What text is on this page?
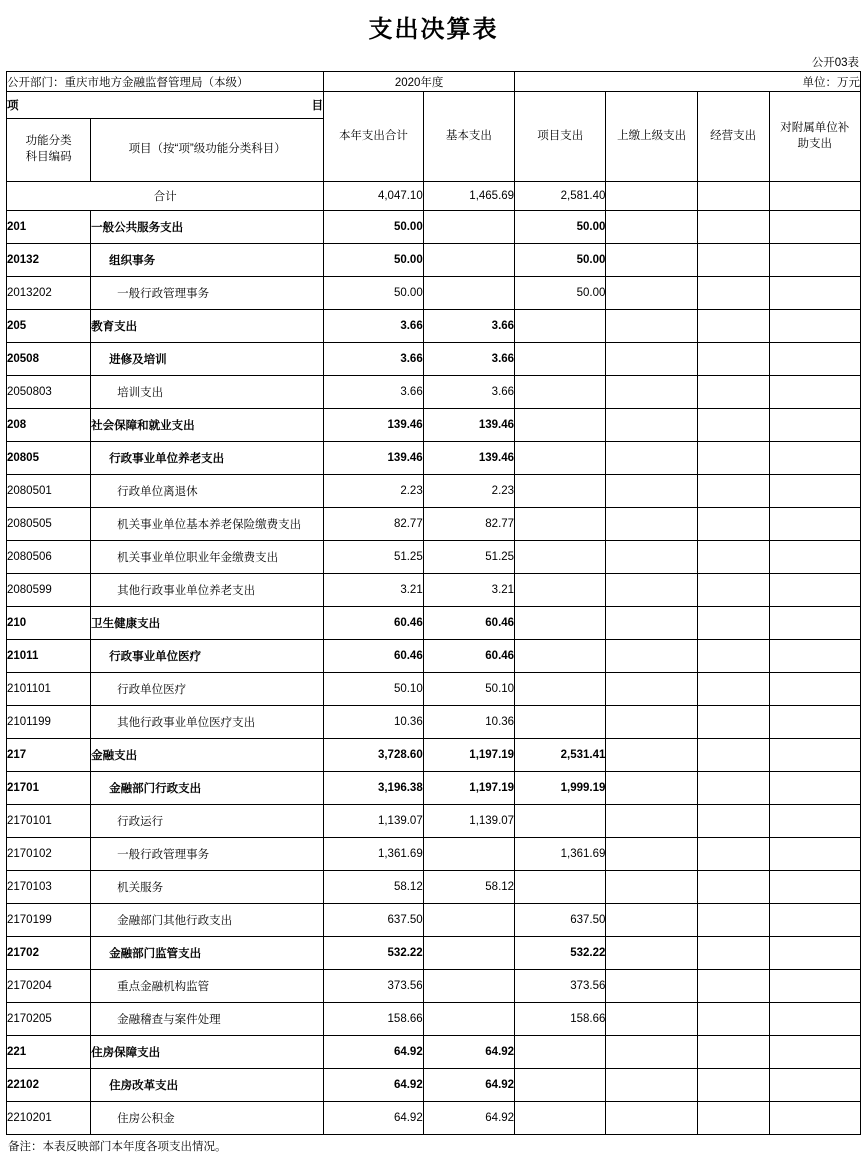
支出决算表
公开03表
公开部门：重庆市地方金融监督管理局（本级）		2020年度		单位：万元			

项 目		本年支出合计	基本支出	项目支出	上缴上级支出	经营支出	对附属单位补
助支出
功能分类
科目编码	项目（按“项”级功能分类科目）						
合计		4,047.10	1,465.69	2,581.40			
201	一般公共服务支出	50.00		50.00			
20132	组织事务	50.00		50.00			
2013202	一般行政管理事务	50.00		50.00			
205	教育支出	3.66	3.66				
20508	进修及培训	3.66	3.66				
2050803	培训支出	3.66	3.66				
208	社会保障和就业支出	139.46	139.46				
20805	行政事业单位养老支出	139.46	139.46				
2080501	行政单位离退休	2.23	2.23				
2080505	机关事业单位基本养老保险缴费支出	82.77	82.77				
2080506	机关事业单位职业年金缴费支出	51.25	51.25				
2080599	其他行政事业单位养老支出	3.21	3.21				
210	卫生健康支出	60.46	60.46				
21011	行政事业单位医疗	60.46	60.46				
2101101	行政单位医疗	50.10	50.10				
2101199	其他行政事业单位医疗支出	10.36	10.36				
217	金融支出	3,728.60	1,197.19	2,531.41			
21701	金融部门行政支出	3,196.38	1,197.19	1,999.19			
2170101	行政运行	1,139.07	1,139.07				
2170102	一般行政管理事务	1,361.69		1,361.69			
2170103	机关服务	58.12	58.12				
2170199	金融部门其他行政支出	637.50		637.50			
21702	金融部门监管支出	532.22		532.22			
2170204	重点金融机构监管	373.56		373.56			
2170205	金融稽查与案件处理	158.66		158.66			
221	住房保障支出	64.92	64.92				
22102	住房改革支出	64.92	64.92				
2210201	住房公积金	64.92	64.92				
备注：本表反映部门本年度各项支出情况。
